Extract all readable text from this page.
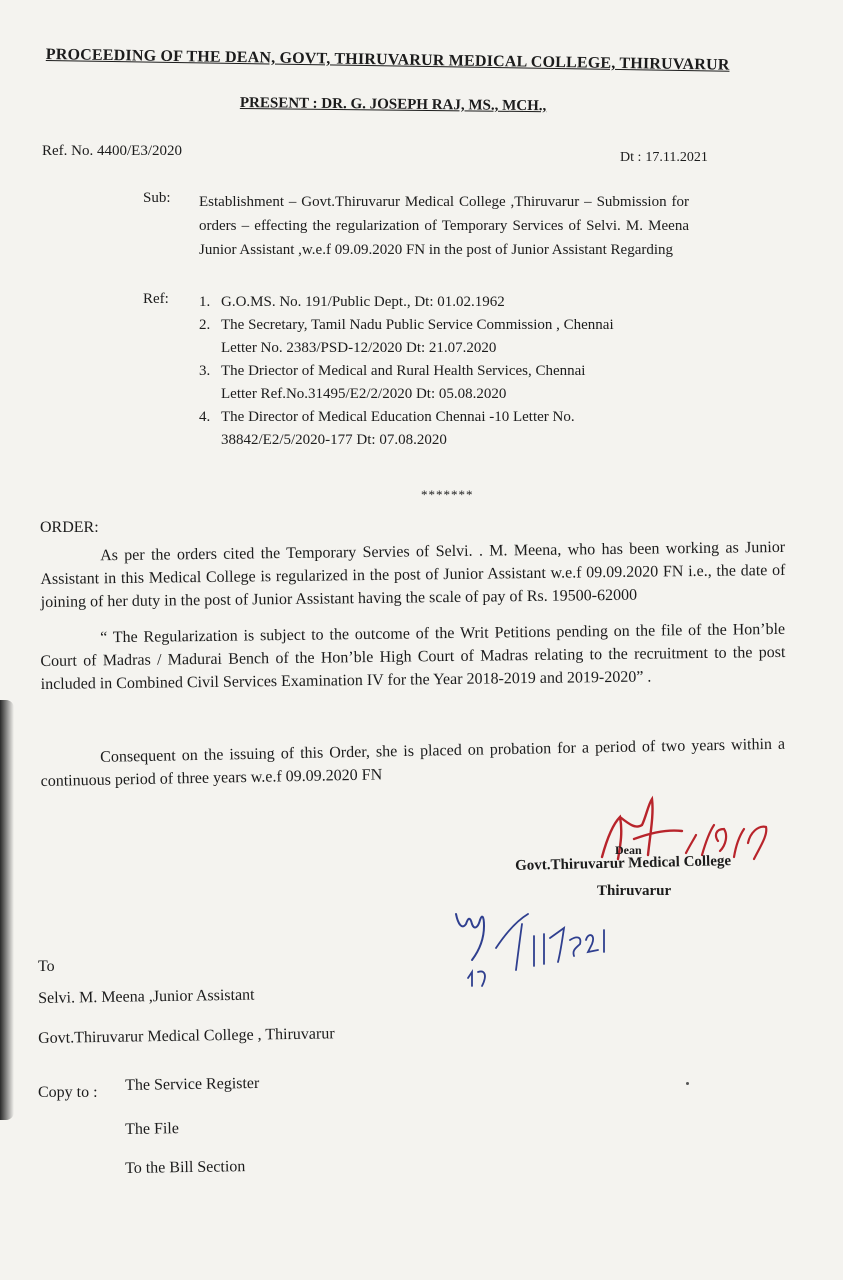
PROCEEDING OF THE DEAN, GOVT, THIRUVARUR MEDICAL COLLEGE, THIRUVARUR
PRESENT : DR. G. JOSEPH RAJ, MS., MCH.,
Ref. No. 4400/E3/2020	Dt : 17.11.2021
Sub: Establishment – Govt.Thiruvarur Medical College ,Thiruvarur – Submission for orders – effecting the regularization of Temporary Services of Selvi. M. Meena Junior Assistant ,w.e.f 09.09.2020 FN in the post of Junior Assistant Regarding
Ref: 1. G.O.MS. No. 191/Public Dept., Dt: 01.02.1962
2. The Secretary, Tamil Nadu Public Service Commission , Chennai
Letter No. 2383/PSD-12/2020 Dt: 21.07.2020
3. The Driector of Medical and Rural Health Services, Chennai
Letter Ref.No.31495/E2/2/2020 Dt: 05.08.2020
4. The Director of Medical Education Chennai -10 Letter No.
38842/E2/5/2020-177 Dt: 07.08.2020
*******
ORDER:
As per the orders cited the Temporary Servies of Selvi. . M. Meena, who has been working as Junior Assistant in this Medical College is regularized in the post of Junior Assistant w.e.f 09.09.2020 FN i.e., the date of joining of her duty in the post of Junior Assistant having the scale of pay of Rs. 19500-62000
“ The Regularization is subject to the outcome of the Writ Petitions pending on the file of the Hon’ble Court of Madras / Madurai Bench of the Hon’ble High Court of Madras relating to the recruitment to the post included in Combined Civil Services Examination IV for the Year 2018-2019 and 2019-2020” .
Consequent on the issuing of this Order, she is placed on probation for a period of two years within a continuous period of three years w.e.f 09.09.2020 FN
Dean
Govt.Thiruvarur Medical College
Thiruvarur
To
Selvi. M. Meena ,Junior Assistant
Govt.Thiruvarur Medical College , Thiruvarur
Copy to : The Service Register
The File
To the Bill Section
